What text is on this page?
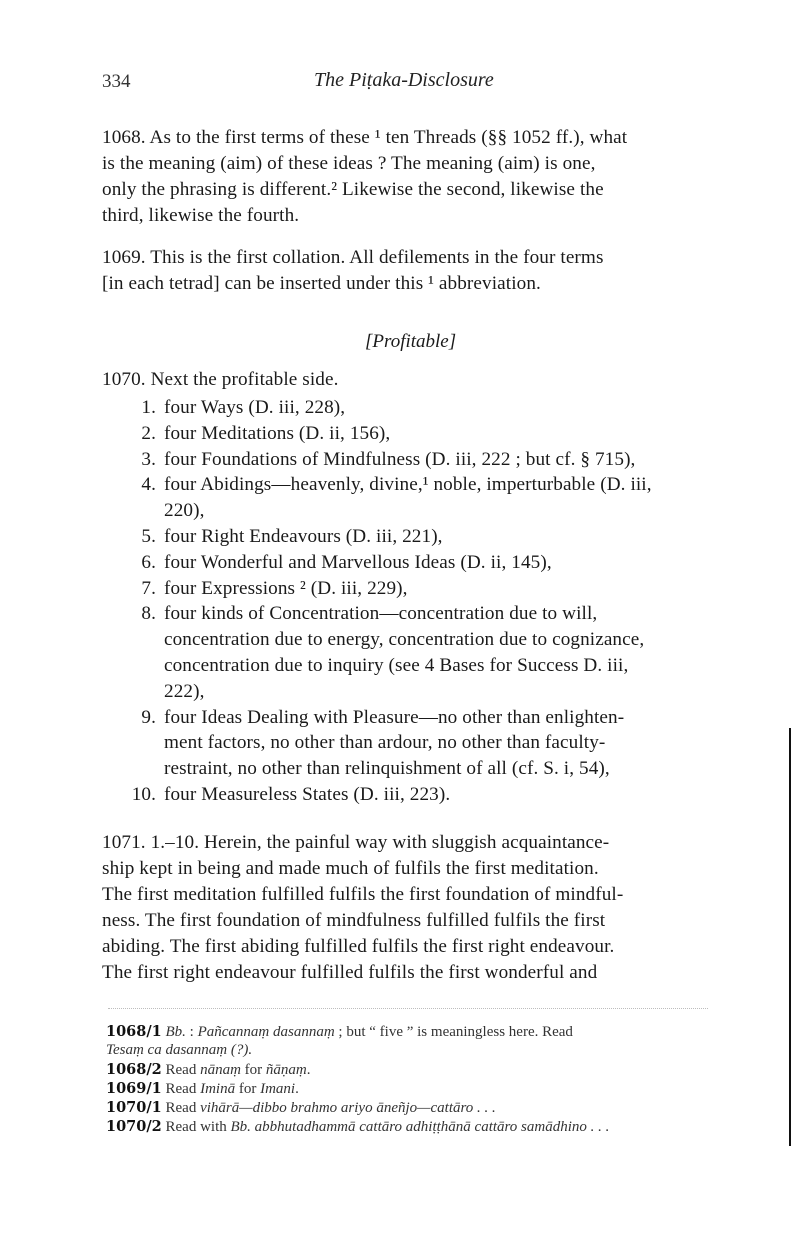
334	The Piṭaka-Disclosure
1068. As to the first terms of these ¹ ten Threads (§§ 1052 ff.), what
is the meaning (aim) of these ideas ? The meaning (aim) is one,
only the phrasing is different.² Likewise the second, likewise the
third, likewise the fourth.
1069. This is the first collation. All defilements in the four terms
[in each tetrad] can be inserted under this ¹ abbreviation.
[Profitable]
1070. Next the profitable side.
1. four Ways (D. iii, 228),
2. four Meditations (D. ii, 156),
3. four Foundations of Mindfulness (D. iii, 222 ; but cf. § 715),
4. four Abidings—heavenly, divine,¹ noble, imperturbable (D. iii,
220),
5. four Right Endeavours (D. iii, 221),
6. four Wonderful and Marvellous Ideas (D. ii, 145),
7. four Expressions ² (D. iii, 229),
8. four kinds of Concentration—concentration due to will,
concentration due to energy, concentration due to cognizance,
concentration due to inquiry (see 4 Bases for Success D. iii,
222),
9. four Ideas Dealing with Pleasure—no other than enlighten-
ment factors, no other than ardour, no other than faculty-
restraint, no other than relinquishment of all (cf. S. i, 54),
10. four Measureless States (D. iii, 223).
1071. 1.–10. Herein, the painful way with sluggish acquaintance-
ship kept in being and made much of fulfils the first meditation.
The first meditation fulfilled fulfils the first foundation of mindful-
ness. The first foundation of mindfulness fulfilled fulfils the first
abiding. The first abiding fulfilled fulfils the first right endeavour.
The first right endeavour fulfilled fulfils the first wonderful and
1068/1 Bb. : Pañcannaṃ dasannaṃ ; but “ five ” is meaningless here. Read
Tesaṃ ca dasannaṃ (?).
1068/2 Read nānaṃ for ñāṇaṃ.
1069/1 Read Iminā for Imani.
1070/1 Read vihārā—dibbo brahmo ariyo āneñjo—cattāro . . .
1070/2 Read with Bb. abbhutadhammā cattāro adhiṭṭhānā cattāro samādhino . . .
